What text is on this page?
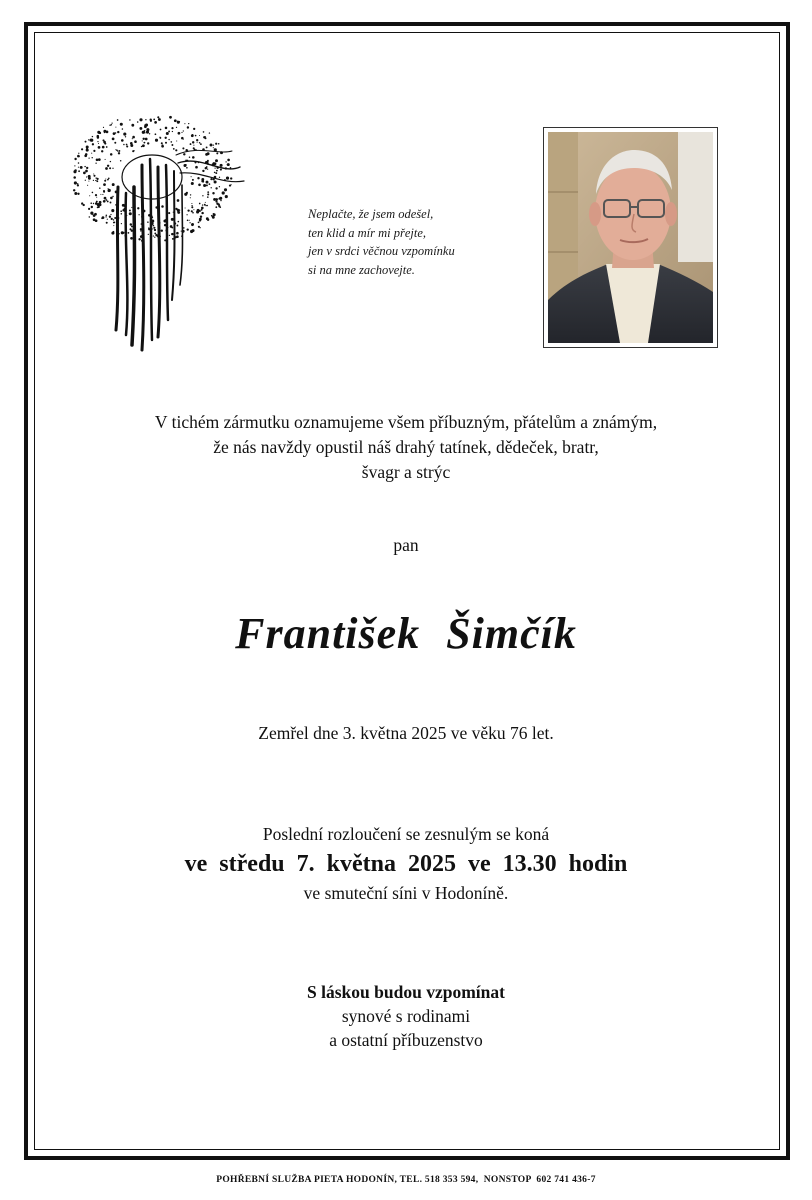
Neplačte, že jsem odešel,
ten klid a mír mi přejte,
jen v srdci věčnou vzpomínku
si na mne zachovejte.
V tichém zármutku oznamujeme všem příbuzným, přátelům a známým,
že nás navždy opustil náš drahý tatínek, dědeček, bratr,
švagr a strýc
pan
František Šimčík
Zemřel dne 3. května 2025 ve věku 76 let.
Poslední rozloučení se zesnulým se koná
ve středu 7. května 2025 ve 13.30 hodin
ve smuteční síni v Hodoníně.
S láskou budou vzpomínat
synové s rodinami
a ostatní příbuzenstvo
POHŘEBNÍ SLUŽBA PIETA HODONÍN, TEL. 518 353 594,  NONSTOP  602 741 436-7
